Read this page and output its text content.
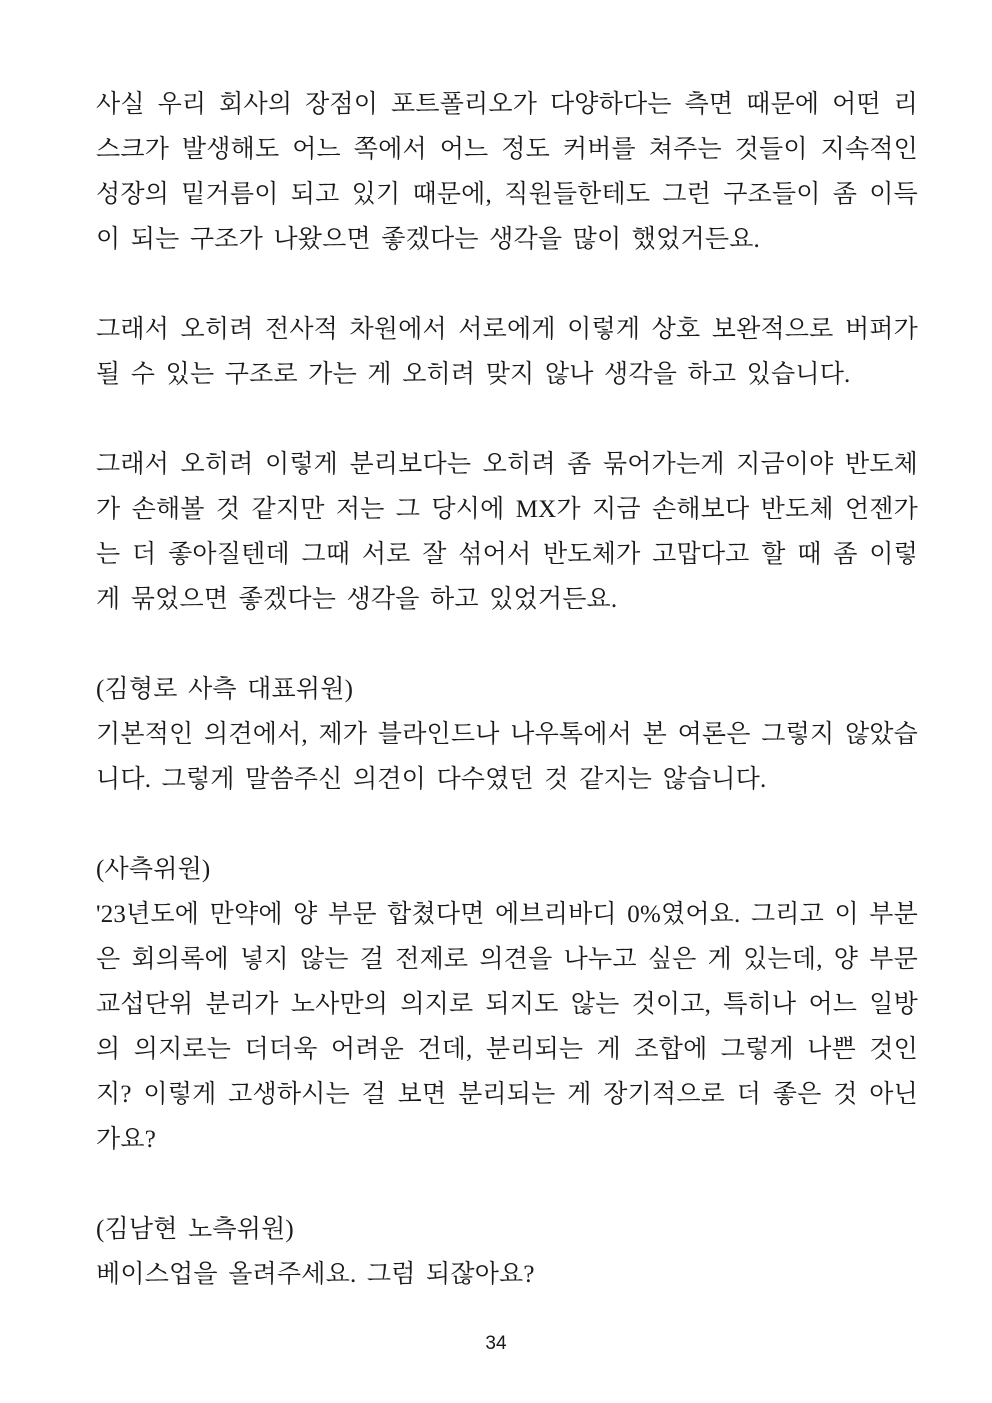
사실 우리 회사의 장점이 포트폴리오가 다양하다는 측면 때문에 어떤 리스크가 발생해도 어느 쪽에서 어느 정도 커버를 쳐주는 것들이 지속적인 성장의 밑거름이 되고 있기 때문에, 직원들한테도 그런 구조들이 좀 이득이 되는 구조가 나왔으면 좋겠다는 생각을 많이 했었거든요.

그래서 오히려 전사적 차원에서 서로에게 이렇게 상호 보완적으로 버퍼가 될 수 있는 구조로 가는 게 오히려 맞지 않나 생각을 하고 있습니다.

그래서 오히려 이렇게 분리보다는 오히려 좀 묶어가는게 지금이야 반도체가 손해볼 것 같지만 저는 그 당시에 MX가 지금 손해보다 반도체 언젠가는 더 좋아질텐데 그때 서로 잘 섞어서 반도체가 고맙다고 할 때 좀 이렇게 묶었으면 좋겠다는 생각을 하고 있었거든요.

(김형로 사측 대표위원)

기본적인 의견에서, 제가 블라인드나 나우톡에서 본 여론은 그렇지 않았습니다. 그렇게 말씀주신 의견이 다수였던 것 같지는 않습니다.

(사측위원)

'23년도에 만약에 양 부문 합쳤다면 에브리바디 0%였어요. 그리고 이 부분은 회의록에 넣지 않는 걸 전제로 의견을 나누고 싶은 게 있는데, 양 부문 교섭단위 분리가 노사만의 의지로 되지도 않는 것이고, 특히나 어느 일방의 의지로는 더더욱 어려운 건데, 분리되는 게 조합에 그렇게 나쁜 것인지? 이렇게 고생하시는 걸 보면 분리되는 게 장기적으로 더 좋은 것 아닌가요?

(김남현 노측위원)

베이스업을 올려주세요. 그럼 되잖아요?

34
